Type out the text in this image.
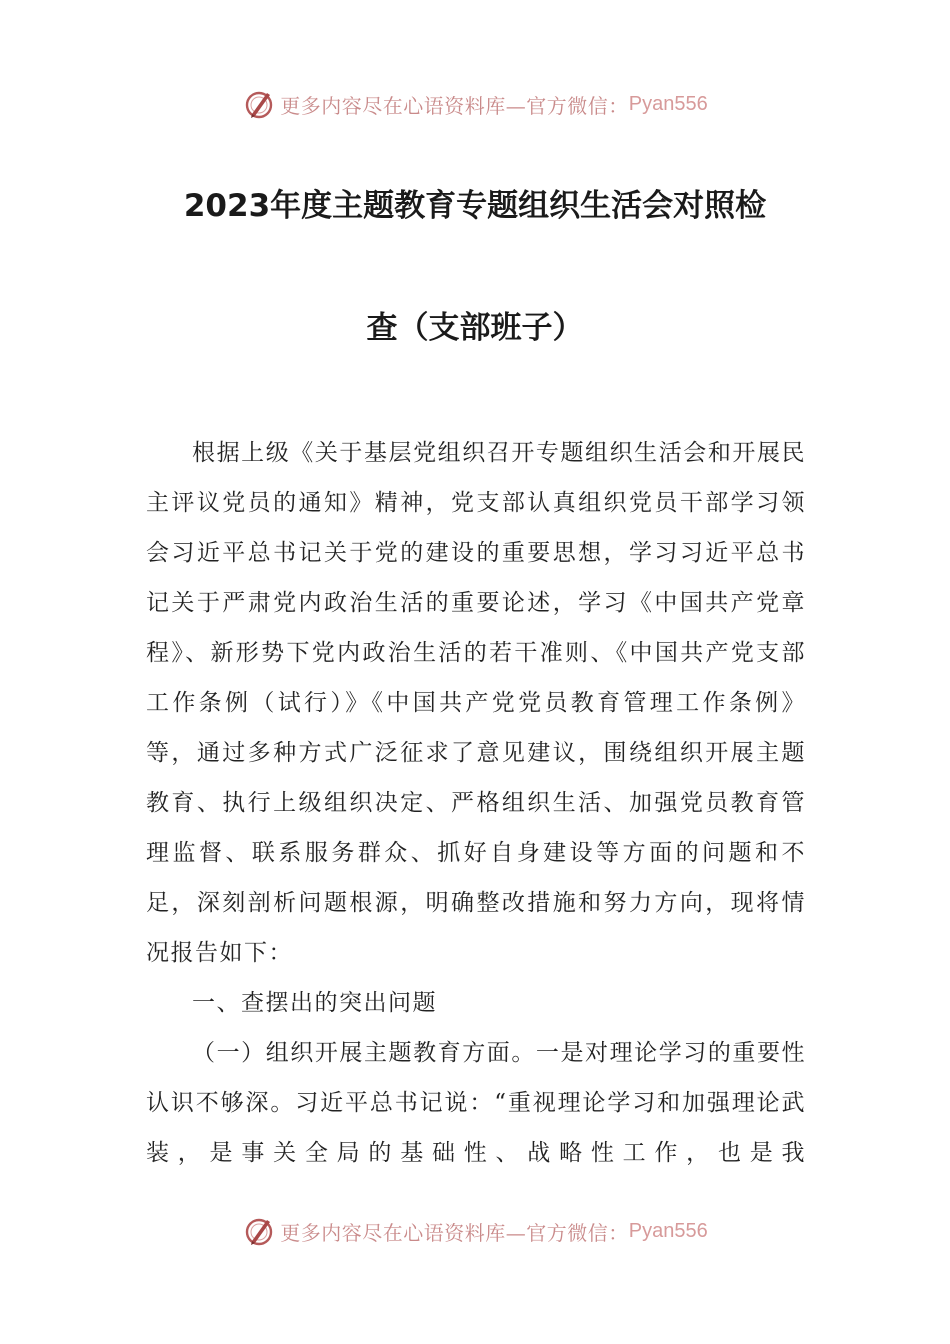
更多内容尽在心语资料库—官方微信： Pyan556
2023年度主题教育专题组织生活会对照检
查（支部班子）

根据上级《关于基层党组织召开专题组织生活会和开展民主评议党员的通知》精神，党支部认真组织党员干部学习领会习近平总书记关于党的建设的重要思想，学习习近平总书记关于严肃党内政治生活的重要论述，学习《中国共产党章程》、新形势下党内政治生活的若干准则、《中国共产党支部工作条例（试行）》《中国共产党党员教育管理工作条例》等，通过多种方式广泛征求了意见建议，围绕组织开展主题教育、执行上级组织决定、严格组织生活、加强党员教育管理监督、联系服务群众、抓好自身建设等方面的问题和不足，深刻剖析问题根源，明确整改措施和努力方向，现将情况报告如下：

一、查摆出的突出问题

（一）组织开展主题教育方面。一是对理论学习的重要性认识不够深。习近平总书记说：“重视理论学习和加强理论武装，是事关全局的基础性、战略性工作，也是我

更多内容尽在心语资料库—官方微信： Pyan556
